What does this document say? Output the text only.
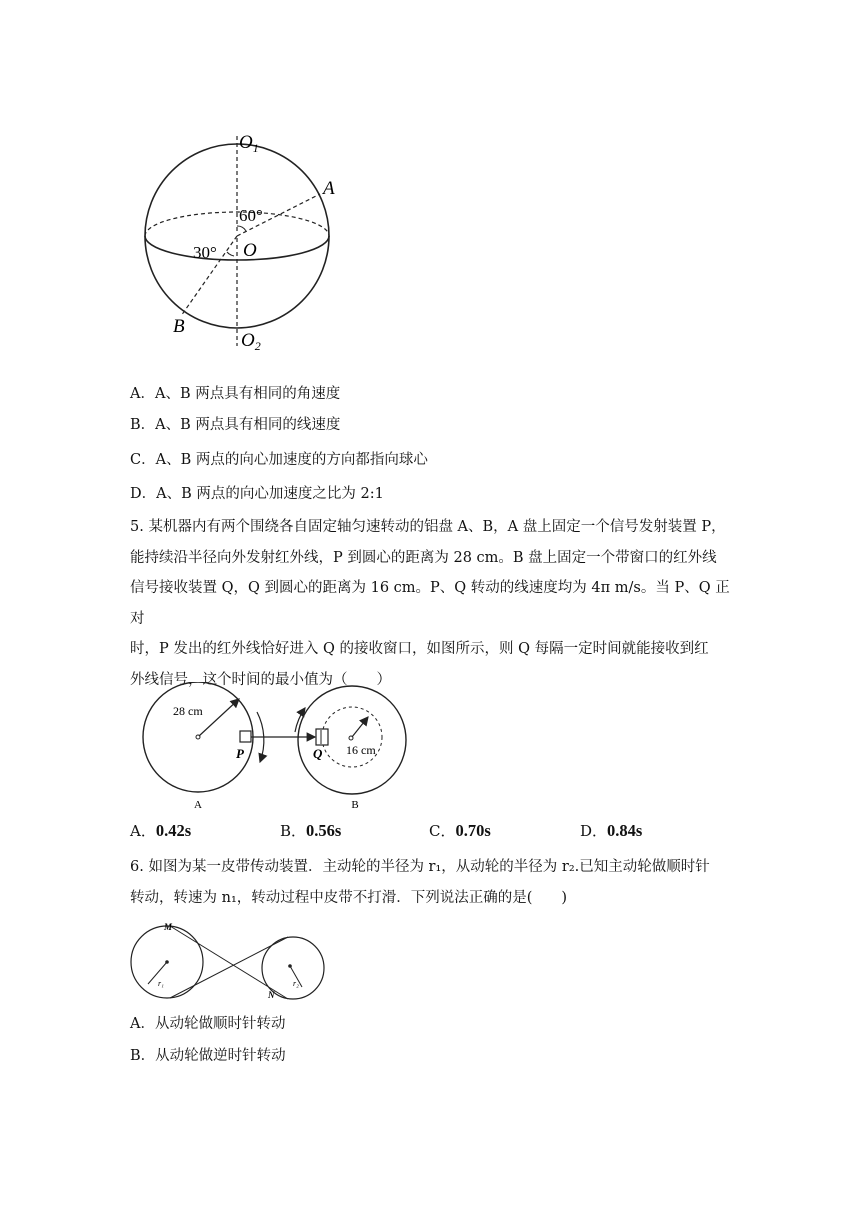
$O_1$
A
60°
30° O
B
$O_2$
A．A、B 两点具有相同的角速度
B．A、B 两点具有相同的线速度
C．A、B 两点的向心加速度的方向都指向球心
D．A、B 两点的向心加速度之比为 2:1
5. 某机器内有两个围绕各自固定轴匀速转动的铝盘 A、B，A 盘上固定一个信号发射装置 P，
能持续沿半径向外发射红外线，P 到圆心的距离为 28 cm。B 盘上固定一个带窗口的红外线
信号接收装置 Q，Q 到圆心的距离为 16 cm。P、Q 转动的线速度均为 4π m/s。当 P、Q 正对
时，P 发出的红外线恰好进入 Q 的接收窗口，如图所示，则 Q 每隔一定时间就能接收到红
外线信号，这个时间的最小值为（　　）
28 cm
P	Q 16 cm
A	B
A．0.42s	B．0.56s	C．0.70s	D．0.84s
6. 如图为某一皮带传动装置．主动轮的半径为 r₁，从动轮的半径为 r₂.已知主动轮做顺时针
转动，转速为 n₁，转动过程中皮带不打滑．下列说法正确的是(　　)
M
N
r₁	r₂
A．从动轮做顺时针转动
B．从动轮做逆时针转动
